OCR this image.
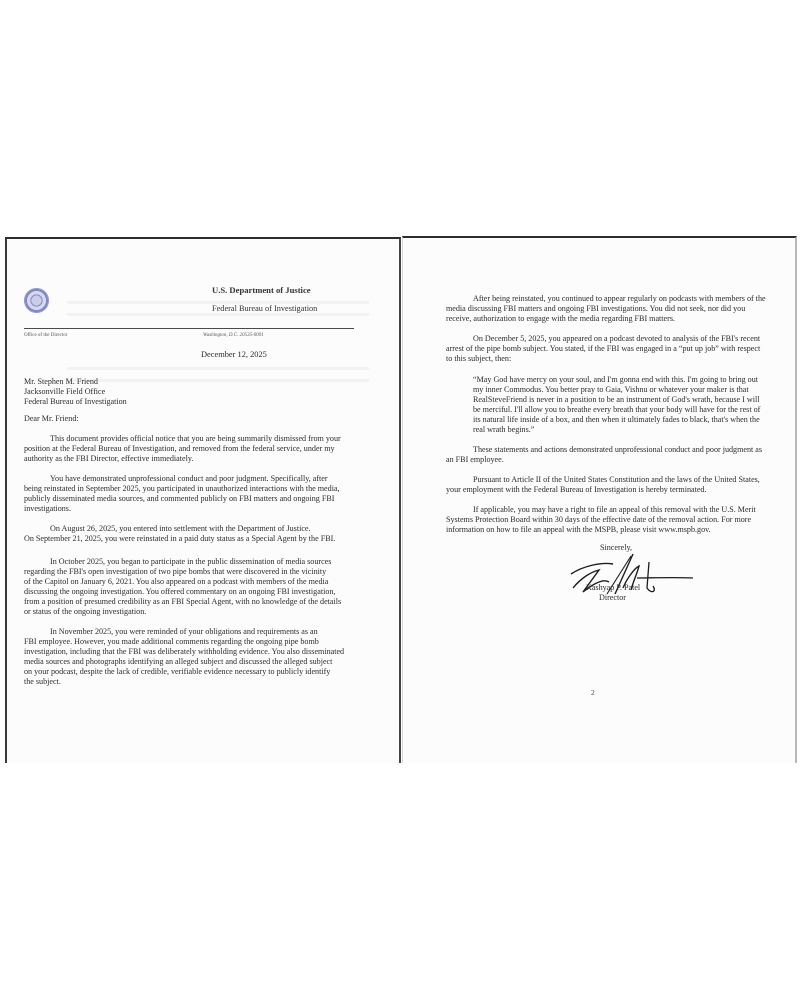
U.S. Department of Justice
Federal Bureau of Investigation
Office of the Director	Washington, D.C. 20535-0001
December 12, 2025
Mr. Stephen M. Friend
Jacksonville Field Office
Federal Bureau of Investigation
Dear Mr. Friend:
This document provides official notice that you are being summarily dismissed from your
position at the Federal Bureau of Investigation, and removed from the federal service, under my
authority as the FBI Director, effective immediately.
You have demonstrated unprofessional conduct and poor judgment. Specifically, after
being reinstated in September 2025, you participated in unauthorized interactions with the media,
publicly disseminated media sources, and commented publicly on FBI matters and ongoing FBI
investigations.
On August 26, 2025, you entered into settlement with the Department of Justice.
On September 21, 2025, you were reinstated in a paid duty status as a Special Agent by the FBI.
In October 2025, you began to participate in the public dissemination of media sources
regarding the FBI's open investigation of two pipe bombs that were discovered in the vicinity
of the Capitol on January 6, 2021. You also appeared on a podcast with members of the media
discussing the ongoing investigation. You offered commentary on an ongoing FBI investigation,
from a position of presumed credibility as an FBI Special Agent, with no knowledge of the details
or status of the ongoing investigation.
In November 2025, you were reminded of your obligations and requirements as an
FBI employee. However, you made additional comments regarding the ongoing pipe bomb
investigation, including that the FBI was deliberately withholding evidence. You also disseminated
media sources and photographs identifying an alleged subject and discussed the alleged subject
on your podcast, despite the lack of credible, verifiable evidence necessary to publicly identify
the subject.
After being reinstated, you continued to appear regularly on podcasts with members of the
media discussing FBI matters and ongoing FBI investigations. You did not seek, nor did you
receive, authorization to engage with the media regarding FBI matters.
On December 5, 2025, you appeared on a podcast devoted to analysis of the FBI's recent
arrest of the pipe bomb subject. You stated, if the FBI was engaged in a “put up job” with respect
to this subject, then:
“May God have mercy on your soul, and I'm gonna end with this. I'm going to bring out
my inner Commodus. You better pray to Gaia, Vishnu or whatever your maker is that
RealSteveFriend is never in a position to be an instrument of God's wrath, because I will
be merciful. I'll allow you to breathe every breath that your body will have for the rest of
its natural life inside of a box, and then when it ultimately fades to black, that's when the
real wrath begins.”
These statements and actions demonstrated unprofessional conduct and poor judgment as
an FBI employee.
Pursuant to Article II of the United States Constitution and the laws of the United States,
your employment with the Federal Bureau of Investigation is hereby terminated.
If applicable, you may have a right to file an appeal of this removal with the U.S. Merit
Systems Protection Board within 30 days of the effective date of the removal action. For more
information on how to file an appeal with the MSPB, please visit www.mspb.gov.
Sincerely,
Kashyap P. Patel
Director
2
